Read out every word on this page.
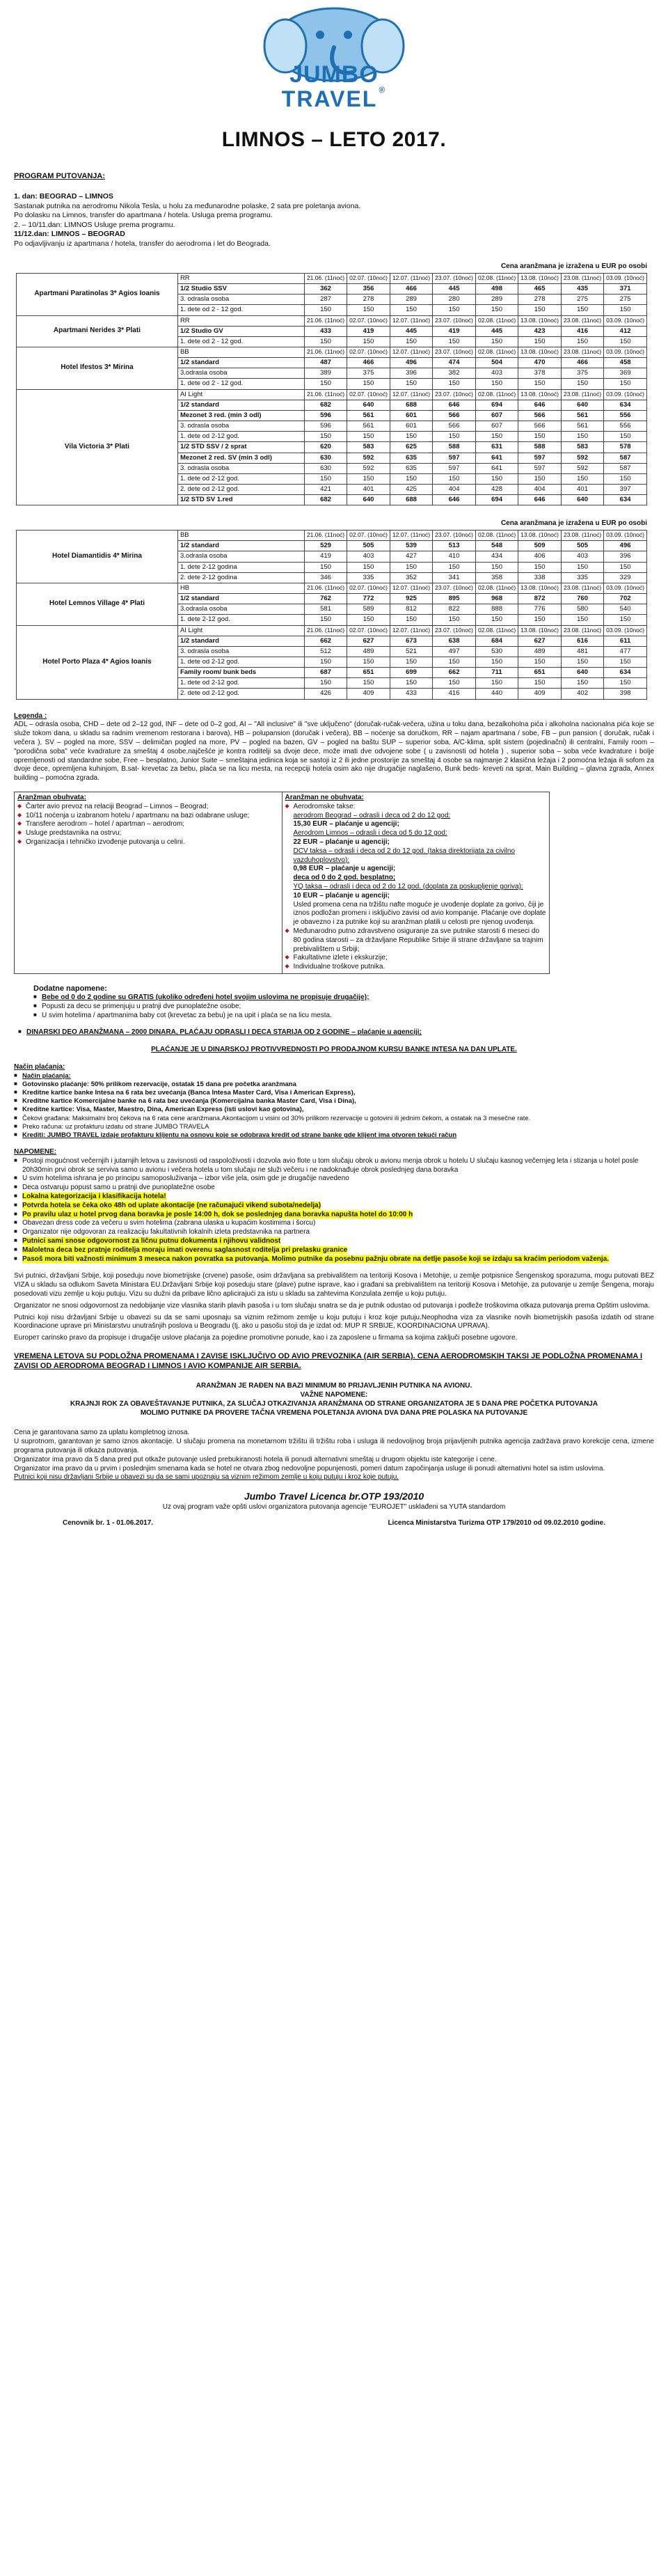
JUMBO
TRAVEL ®
LIMNOS – LETO 2017.
PROGRAM PUTOVANJA:

1. dan: BEOGRAD – LIMNOS

Sastanak putnika na aerodromu Nikola Tesla, u holu za međunarodne polaske, 2 sata pre poletanja aviona.

Po dolasku na Limnos, transfer do apartmana / hotela. Usluga prema programu.

2. – 10/11.dan: LIMNOS Usluge prema programu.

11/12.dan: LIMNOS – BEOGRAD

Po odjavljivanju iz apartmana / hotela, transfer do aerodroma i let do Beograda.

Cena aranžmana je izražena u EUR po osobi
Apartmani Paratinolas 3* Agios Ioanis	RR	21.06. (11noć)	02.07. (10noć)	12.07. (11noć)	23.07. (10noć)	02.08. (11noć)	13.08. (10noć)	23.08. (11noć)	03.09. (10noć)
	1/2 Studio SSV	362	356	466	445	498	465	435	371
	3. odrasla osoba	287	278	289	280	289	278	275	275
	1. dete od 2 - 12 god.	150	150	150	150	150	150	150	150
Apartmani Nerides 3* Plati	RR	21.06. (11noć)	02.07. (10noć)	12.07. (11noć)	23.07. (10noć)	02.08. (11noć)	13.08. (10noć)	23.08. (11noć)	03.09. (10noć)
	1/2 Studio GV	433	419	445	419	445	423	416	412
	1. dete od 2 - 12 god.	150	150	150	150	150	150	150	150
Hotel Ifestos 3* Mirina	BB	21.06. (11noć)	02.07. (10noć)	12.07. (11noć)	23.07. (10noć)	02.08. (11noć)	13.08. (10noć)	23.08. (11noć)	03.09. (10noć)
	1/2 standard	487	466	496	474	504	470	466	458
	3.odrasla osoba	389	375	396	382	403	378	375	369
	1. dete od 2 - 12 god.	150	150	150	150	150	150	150	150
Vila Victoria 3* Plati	AI Light	21.06. (11noć)	02.07. (10noć)	12.07. (11noć)	23.07. (10noć)	02.08. (11noć)	13.08. (10noć)	23.08. (11noć)	03.09. (10noć)
	1/2 standard	682	640	688	646	694	646	640	634
	Mezonet 3 red. (min 3 odl)	596	561	601	566	607	566	561	556
	3. odrasla osoba	596	561	601	566	607	566	561	556
	1. dete od 2-12 god.	150	150	150	150	150	150	150	150
	1/2 STD SSV / 2 sprat	620	583	625	588	631	588	583	578
	Mezonet 2 red. SV (min 3 odl)	630	592	635	597	641	597	592	587
	3. odrasla osoba	630	592	635	597	641	597	592	587
	1. dete od 2-12 god.	150	150	150	150	150	150	150	150
	2. dete od 2-12 god.	421	401	425	404	428	404	401	397
	1/2 STD SV 1.red	682	640	688	646	694	646	640	634
Cena aranžmana je izražena u EUR po osobi
Hotel Diamantidis 4* Mirina	BB	21.06. (11noć)	02.07. (10noć)	12.07. (11noć)	23.07. (10noć)	02.08. (11noć)	13.08. (10noć)	23.08. (11noć)	03.09. (10noć)
	1/2 standard	529	505	539	513	548	509	505	496
	3.odrasla osoba	419	403	427	410	434	406	403	396
	1. dete 2-12 godina	150	150	150	150	150	150	150	150
	2. dete 2-12 godina	346	335	352	341	358	338	335	329
Hotel Lemnos Village 4* Plati	HB	21.06. (11noć)	02.07. (10noć)	12.07. (11noć)	23.07. (10noć)	02.08. (11noć)	13.08. (10noć)	23.08. (11noć)	03.09. (10noć)
	1/2 standard	762	772	925	895	968	872	760	702
	3.odrasla osoba	581	589	812	822	888	776	580	540
	1. dete 2-12 god.	150	150	150	150	150	150	150	150
Hotel Porto Plaza 4* Agios Ioanis	AI Light	21.06. (11noć)	02.07. (10noć)	12.07. (11noć)	23.07. (10noć)	02.08. (11noć)	13.08. (10noć)	23.08. (11noć)	03.09. (10noć)
	1/2 standard	662	627	673	638	684	627	616	611
	3. odrasla osoba	512	489	521	497	530	489	481	477
	1. dete od 2-12 god.	150	150	150	150	150	150	150	150
	Family room/ bunk beds	687	651	699	662	711	651	640	634
	1. dete od 2-12 god.	150	150	150	150	150	150	150	150
	2. dete od 2-12 god.	426	409	433	416	440	409	402	398
Legenda :
ADL – odrasla osoba, CHD – dete od 2–12 god, INF – dete od 0–2 god, AI – "All inclusive" ili "sve uključeno" (doručak-ručak-večera, užina u toku dana, bezalkoholna pića i alkoholna nacionalna pića koje se služe tokom dana, u skladu sa radnim vremenom restorana i barova), HB – polupansion (doručak i večera), BB – noćenje sa doručkom, RR – najam apartmana / sobe, FB – pun pansion ( doručak, ručak i večera ), SV – pogled na more, SSV – delimičan pogled na more, PV – pogled na bazen, GV – pogled na baštu SUP – superior soba, A/C-klima, split sistem (pojedinačni) ili centralni, Family room – "porodična soba" veće kvadrature za smeštaj 4 osobe,najčešće je kontra roditelji sa dvoje dece, može imati dve odvojene sobe ( u zavisnosti od hotela ) , superior soba – soba veće kvadrature i bolje opremljenosti od standardne sobe, Free – besplatno, Junior Suite – smeštajna jedinica koja se sastoji iz 2 ili jedne prostorije za smeštaj 4 osobe sa najmanje 2 klasična ležaja i 2 pomoćna ležaja ili sofom za dvoje dece, opremljena kuhinjom, B.sat- krevetac za bebu, plaća se na licu mesta, na recepciji hotela osim ako nije drugačije naglašeno, Bunk beds- kreveti na sprat, Main Building – glavna zgrada, Annex building – pomoćna zgrada.
Aranžman obuhvata:
◆ Čarter avio prevoz na relaciji Beograd – Limnos – Beograd;
◆ 10/11 noćenja u izabranom hotelu / apartmanu na bazi odabrane usluge;
◆ Transfere aerodrom – hotel / apartman – aerodrom;
◆ Usluge predstavnika na ostrvu;
◆ Organizacija i tehničko izvođenje putovanja u celini.

Aranžman ne obuhvata:
◆ Aerodromske takse:
aerodrom Beograd – odrasli i deca od 2 do 12 god:
15,30 EUR – plaćanje u agenciji;
Aerodrom Limnos – odrasli i deca od 5 do 12 god:
22 EUR – plaćanje u agenciji;
DCV taksa – odrasli i deca od 2 do 12 god. (taksa direktorijata za civilno vazduhoplovstvo):
0,98 EUR – plaćanje u agenciji;
deca od 0 do 2 god. besplatno;
YQ taksa – odrasli i deca od 2 do 12 god. (doplata za poskupljenje goriva):
10 EUR – plaćanje u agenciji;
Usled promena cena na tržištu nafte moguće je uvođenje doplate za gorivo, čiji je iznos podložan promeni i isključivo zavisi od avio kompanije. Plaćanje ove doplate je obavezno i za putnike koji su aranžman platili u celosti pre njenog uvođenja.
◆ Međunarodno putno zdravstveno osiguranje za sve putnike starosti 6 meseci do 80 godina starosti – za državljane Republike Srbije ili strane državljane sa trajnim prebivalištem u Srbiji;
◆ Fakultativne izlete i ekskurzije;
◆ Individualne troškove putnika.
Dodatne napomene:
■ Bebe od 0 do 2 godine su GRATIS (ukoliko određeni hotel svojim uslovima ne propisuje drugačije);
■ Popusti za decu se primenjuju u pratnji dve punoplatežne osobe;
■ U svim hotelima / apartmanima baby cot (krevetac za bebu) je na upit i plaća se na licu mesta.
■ DINARSKI DEO ARANŽMANA – 2000 DINARA, PLAĆAJU ODRASLI I DECA STARIJA OD 2 GODINE – plaćanje u agenciji;
PLAĆANJE JE U DINARSKOJ PROTIVVREDNOSTI PO PRODAJNOM KURSU BANKE INTESA NA DAN UPLATE.
Način plaćanja:
■ Način plaćanja:
■ Gotovinsko plaćanje: 50% prilikom rezervacije, ostatak 15 dana pre početka aranžmana
■ Kreditne kartice banke Intesa na 6 rata bez uvećanja (Banca Intesa Master Card, Visa i American Express),
■ Kreditne kartice Komercijalne banke na 6 rata bez uvećanja (Komercijalna banka Master Card, Visa i Dina),
■ Kreditne kartice: Visa, Master, Maestro, Dina, American Express (isti uslovi kao gotovina),
■ Čekovi građana: Maksimalni broj čekova na 6 rata cene aranžmana.Akontacijom u visini od 30% prilikom rezervacije u gotovini ili jednim čekom, a ostatak na 3 mesečne rate.
■ Preko računa: uz profakturu izdatu od strane JUMBO TRAVELA
■ Krediti: JUMBO TRAVEL izdaje profakturu klijentu na osnovu koje se odobrava kredit od strane banke gde klijent ima otvoren tekući račun
NAPOMENE:
■ Postoji mogućnost večernjih i jutarnjih letova u zavisnosti od raspoloživosti i dozvola avio flote u tom slučaju obrok u avionu menja obrok u hotelu U slučaju kasnog večernjeg leta i stizanja u hotel posle 20h30min prvi obrok se serviva samo u avionu i večera hotela u tom slučaju ne služi večeru i ne nadoknađuje obrok poslednjeg dana boravka
■ U svim hotelima ishrana je po principu samoposluživanja – izbor više jela, osim gde je drugačije navedeno
■ Deca ostvaruju popust samo u pratnji dve punoplatežne osobe
■ Lokalna kategorizacija i klasifikacija hotela!
■ Potvrda hotela se čeka oko 48h od uplate akontacije (ne računajući vikend subota/nedelja)
■ Po pravilu ulaz u hotel prvog dana boravka je posle 14:00 h, dok se poslednjeg dana boravka napušta hotel do 10:00 h
■ Obavezan dress code za večeru u svim hotelima (zabrana ulaska u kupaćim kostimima i šorcu)
■ Organizator nije odgovoran za realizaciju fakultativnih lokalnih izleta predstavnika na partnera
■ Putnici sami snose odgovornost za ličnu putnu dokumenta i njihovu validnost
■ Maloletna deca bez pratnje roditelja moraju imati overenu saglasnost roditelja pri prelasku granice
■ Pasoš mora biti važnosti minimum 3 meseca nakon povratka sa putovanja. Molimo putnike da posebnu pažnju obrate na detlje pasoše koji se izdaju sa kraćim periodom važenja.

Svi putnici, državljani Srbije, koji poseduju nove biometrijske (crvene) pasoše, osim državljana sa prebivalištem na teritoriji Kosova i Metohije, u zemlje potpisnice Šengenskog sporazuma, mogu putovati BEZ VIZA u skladu sa odlukom Saveta Ministara EU.Državljani Srbije koji poseduju stare (plave) putne isprave, kao i građani sa prebivalištem na teritoriji Kosova i Metohije, za putovanje u zemlje Šengena, moraju posedovati vizu zemlje u koju putuju. Vizu su dužni da pribave lično aplicirajući za istu u skladu sa zahtevima Konzulata zemlje u koju putuju.

Organizator ne snosi odgovornost za nedobijanje vize vlasnika starih plavih pasoša i u tom slučaju snatra se da je putnik odustao od putovanja i podleže troškovima otkaza putovanja prema Opštim uslovima.

Putnici koji nisu državljani Srbije u obavezi su da se sami uposnaju sa viznim režimom zemlje u koju putuju i kroz koje putuju.Neophodna viza za vlasnike novih biometrijskih pasoša izdatih od strane Koordinacione uprave pri Ministarstvu unutrašnjih poslova u Beogradu (tj. ako u pasošu stoji da je izdat od: MUP R SRBIJE, KOORDINACIONA UPRAVA).

Europeт carinsko pravo da propisuje i drugačije uslove plaćanja za pojedine promotivne ponude, kao i za zaposlene u firmama sa kojima zaključi posebne ugovore.

VREMENA LETOVA SU PODLOŽNA PROMENAMA I ZAVISE ISKLJUČIVO OD AVIO PREVOZNIKA (AIR SERBIA). CENA AERODROMSKIH TAKSI JE PODLOŽNA PROMENAMA I ZAVISI OD AERODROMA BEOGRAD I LIMNOS I AVIO KOMPANIJE AIR SERBIA.
ARANŽMAN JE RAĐEN NA BAZI MINIMUM 80 PRIJAVLJENIH PUTNIKA NA AVIONU.
VAŽNE NAPOMENE:
KRAJNJI ROK ZA OBAVEŠTAVANJE PUTNIKA, ZA SLUČAJ OTKAZIVANJA ARANŽMANA OD STRANE ORGANIZATORA JE 5 DANA PRE POČETKA PUTOVANJA
MOLIMO PUTNIKE DA PROVERE TAČNA VREMENA POLETANJA AVIONA DVA DANA PRE POLASKA NA PUTOVANJE
Cena je garantovana samo za uplatu kompletnog iznosa.
U suprotnom, garantovan je samo iznos akontacije. U slučaju promena na monetarnom tržištu ili tržištu roba i usluga ili nedovoljnog broja prijavljenih putnika agencija zadržava pravo korekcije cena, izmene programa putovanja ili otkaza putovanja.
Organizator ima pravo da 5 dana pred put otkaže putovanje usled prebukiranosti hotela ili ponudi alternativni smeštaj u drugom objektu iste kategorije i cene.
Organizator ima pravo da u prvim i poslednjim smenama kada se hotel ne otvara zbog nedovoljne popunjenosti, pomeri datum započinjanja usluge ili ponudi alternativni hotel sa istim uslovima.
Putnici koji nisu državljani Srbije u obavezi su da se sami upoznaju sa viznim režimom zemlje u koju putuju i kroz koje putuju.
Jumbo Travel Licenca br.OTP 193/2010
Uz ovaj program važe opšti uslovi organizatora putovanja agencije "EUROJET" usklađeni sa YUTA standardom
Cenovnik br. 1 - 01.06.2017.	Licenca Ministarstva Turizma OTP 179/2010 od 09.02.2010 godine.
